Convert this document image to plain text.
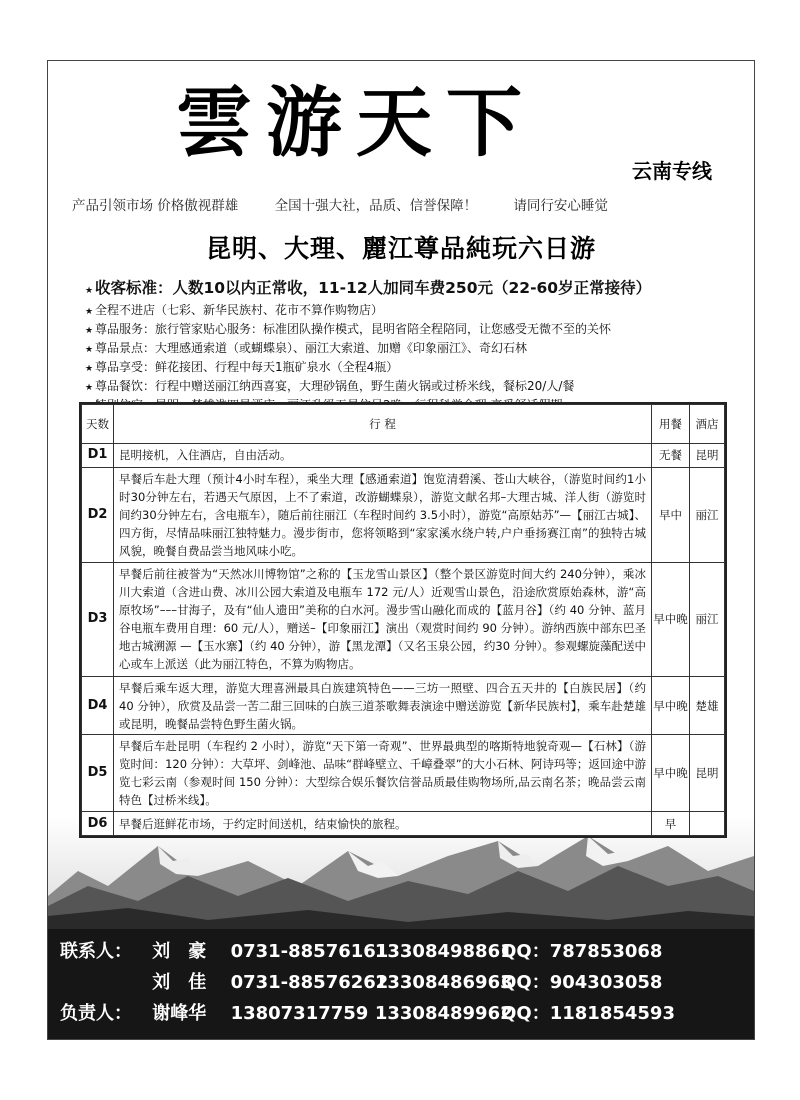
雲游天下
云南专线
产品引领市场 价格傲视群雄	全国十强大社，品质、信誉保障！	请同行安心睡觉
昆明、大理、麗江尊品純玩六日游
★ 收客标准：人数10以内正常收，11-12人加同车费250元（22-60岁正常接待）
★ 全程不进店（七彩、新华民族村、花市不算作购物店）
★ 尊品服务：旅行管家贴心服务：标准团队操作模式，昆明省陪全程陪同，让您感受无微不至的关怀
★ 尊品景点：大理感通索道（或蝴蝶泉）、丽江大索道、加赠《印象丽江》、奇幻石林
★ 尊品享受：鲜花接团、行程中每天1瓶矿泉水（全程4瓶）
★ 尊品餐饮：行程中赠送丽江纳西喜宴，大理砂锅鱼，野生菌火锅或过桥米线，餐标20/人/餐
天数	行 程	用餐	酒店
D1	昆明接机，入住酒店，自由活动。	无餐	昆明
D2	早餐后车赴大理（预计4小时车程），乘坐大理【感通索道】饱览清碧溪、苍山大峡谷，（游览时间约1小时30分钟左右，若遇天气原因，上不了索道，改游蝴蝶泉），游览文献名邦–大理古城、洋人街（游览时间约30分钟左右，含电瓶车），随后前往丽江（车程时间约 3.5小时），游览“高原姑苏”—【丽江古城】、四方街，尽情品味丽江独特魅力。漫步街市，您将领略到“家家溪水绕户转,户户垂扬赛江南”的独特古城风貌，晚餐自费品尝当地风味小吃。	早中	丽江
D3	早餐后前往被誉为“天然冰川博物馆”之称的【玉龙雪山景区】（整个景区游览时间大约 240分钟），乘冰川大索道（含进山费、冰川公园大索道及电瓶车 172 元/人）近观雪山景色，沿途欣赏原始森林，游“高原牧场”–––甘海子，及有“仙人遗田”美称的白水河。漫步雪山融化而成的【蓝月谷】（约 40 分钟、蓝月谷电瓶车费用自理：60 元/人），赠送–【印象丽江】演出（观赏时间约 90 分钟）。游纳西族中部东巴圣地古城溯源 —【玉水寨】（约 40 分钟），游【黑龙潭】（又名玉泉公园，约30 分钟）。参观螺旋藻配送中心或车上派送（此为丽江特色，不算为购物店。	早中晚	丽江
D4	早餐后乘车返大理，游览大理喜洲最具白族建筑特色——三坊一照壁、四合五天井的【白族民居】（约 40 分钟），欣赏及品尝一苦二甜三回味的白族三道茶歌舞表演途中赠送游览【新华民族村】，乘车赴楚雄或昆明，晚餐品尝特色野生菌火锅。	早中晚	楚雄
D5	早餐后车赴昆明（车程约 2 小时），游览“天下第一奇观”、世界最典型的喀斯特地貌奇观—【石林】（游览时间：120 分钟）：大草坪、剑峰池、品味“群峰壁立、千嶂叠翠”的大小石林、阿诗玛等；返回途中游览七彩云南（参观时间 150 分钟）：大型综合娱乐餐饮信誉品质最佳购物场所,品云南名茶；晚品尝云南特色【过桥米线】。	早中晚	昆明
D6	早餐后逛鲜花市场，于约定时间送机，结束愉快的旅程。	早	
联系人： 刘　豪 0731-88576161 13308498861 QQ：787853068
刘　佳 0731-88576262 13308486963 QQ：904303058
负责人： 谢峰华 13807317759 13308489962 QQ：1181854593
